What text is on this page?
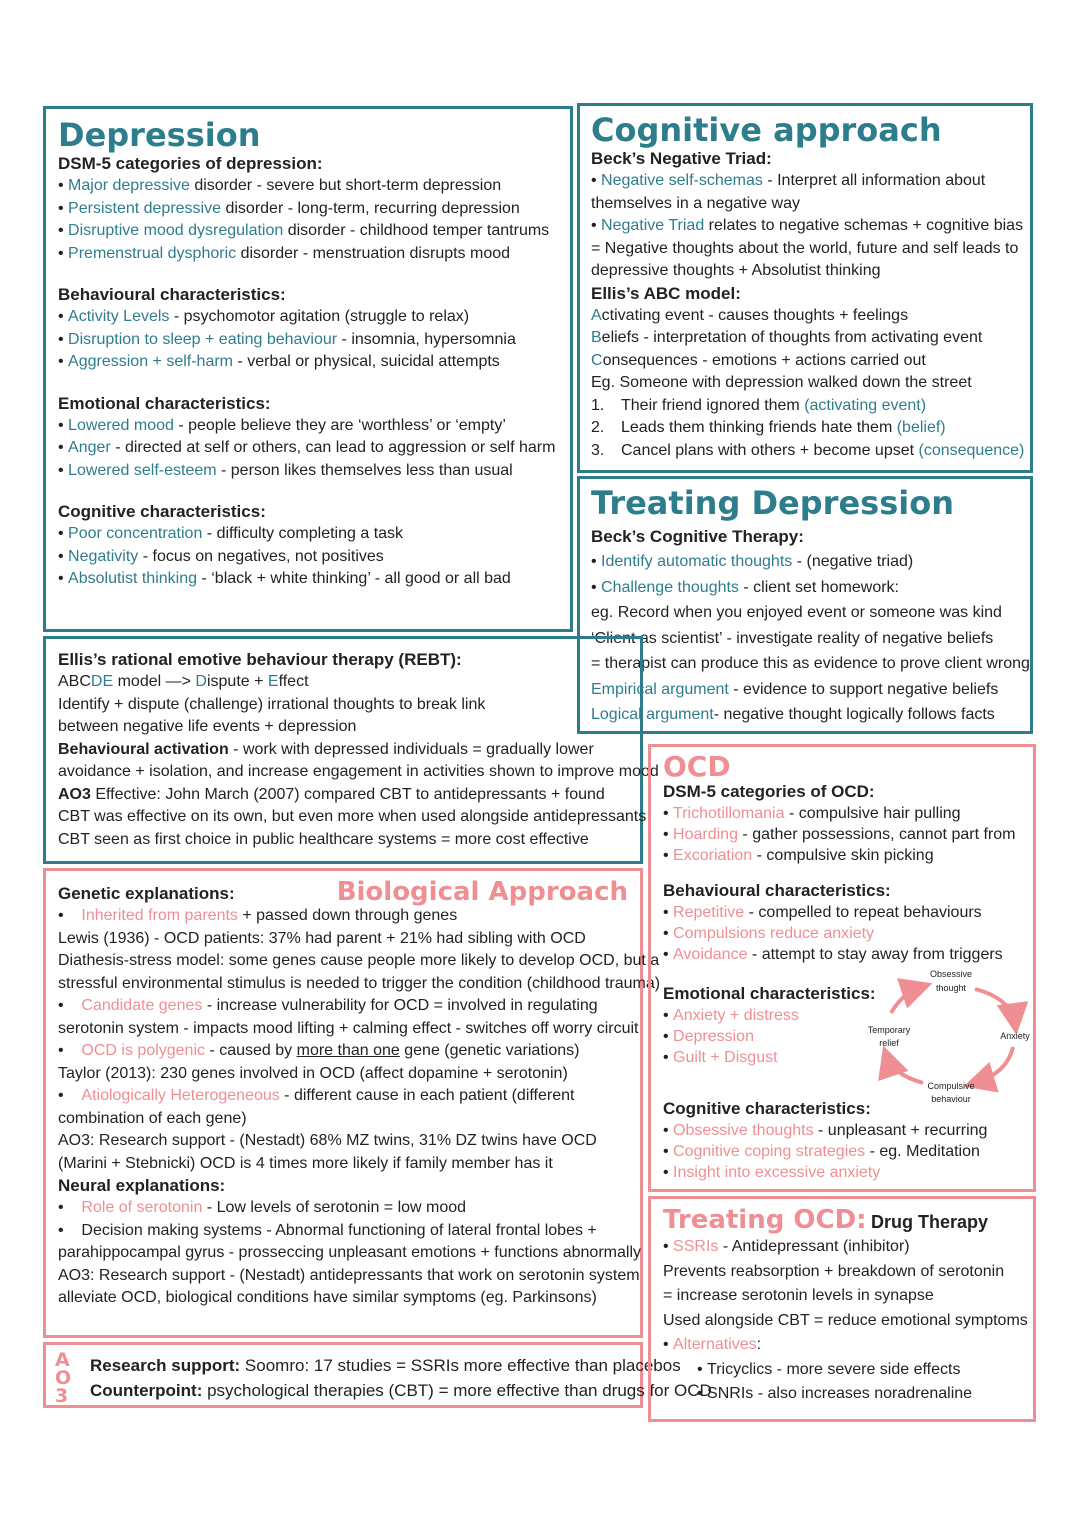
Depression
DSM-5 categories of depression:
• Major depressive disorder - severe but short-term depression
• Persistent depressive disorder - long-term, recurring depression
• Disruptive mood dysregulation disorder - childhood temper tantrums
• Premenstrual dysphoric disorder - menstruation disrupts mood
Behavioural characteristics:
• Activity Levels - psychomotor agitation (struggle to relax)
• Disruption to sleep + eating behaviour - insomnia, hypersomnia
• Aggression + self-harm - verbal or physical, suicidal attempts
Emotional characteristics:
• Lowered mood - people believe they are ‘worthless’ or ‘empty’
• Anger - directed at self or others, can lead to aggression or self harm
• Lowered self-esteem - person likes themselves less than usual
Cognitive characteristics:
• Poor concentration - difficulty completing a task
• Negativity - focus on negatives, not positives
• Absolutist thinking - ‘black + white thinking’ - all good or all bad
Cognitive approach
Beck’s Negative Triad:
• Negative self-schemas - Interpret all information about
themselves in a negative way
• Negative Triad relates to negative schemas + cognitive bias
= Negative thoughts about the world, future and self leads to
depressive thoughts + Absolutist thinking
Ellis’s ABC model:
Activating event - causes thoughts + feelings
Beliefs - interpretation of thoughts from activating event
Consequences - emotions + actions carried out
Eg. Someone with depression walked down the street
1. Their friend ignored them (activating event)
2. Leads them thinking friends hate them (belief)
3. Cancel plans with others + become upset (consequence)
Treating Depression
Beck’s Cognitive Therapy:
• Identify automatic thoughts - (negative triad)
• Challenge thoughts - client set homework:
eg. Record when you enjoyed event or someone was kind
‘Client as scientist’ - investigate reality of negative beliefs
= therapist can produce this as evidence to prove client wrong
Empirical argument - evidence to support negative beliefs
Logical argument- negative thought logically follows facts
Ellis’s rational emotive behaviour therapy (REBT):
ABCDE model —> Dispute + Effect
Identify + dispute (challenge) irrational thoughts to break link
between negative life events + depression
Behavioural activation - work with depressed individuals = gradually lower
avoidance + isolation, and increase engagement in activities shown to improve mood
AO3 Effective: John March (2007) compared CBT to antidepressants + found
CBT was effective on its own, but even more when used alongside antidepressants
CBT seen as first choice in public healthcare systems = more cost effective
Biological Approach
Genetic explanations:
•    Inherited from parents + passed down through genes
Lewis (1936) - OCD patients: 37% had parent + 21% had sibling with OCD
Diathesis-stress model: some genes cause people more likely to develop OCD, but a
stressful environmental stimulus is needed to trigger the condition (childhood trauma)
•    Candidate genes - increase vulnerability for OCD = involved in regulating
serotonin system - impacts mood lifting + calming effect - switches off worry circuit
•    OCD is polygenic - caused by more than one gene (genetic variations)
Taylor (2013): 230 genes involved in OCD (affect dopamine + serotonin)
•    Atiologically Heterogeneous - different cause in each patient (different
combination of each gene)
AO3: Research support - (Nestadt) 68% MZ twins, 31% DZ twins have OCD
(Marini + Stebnicki) OCD is 4 times more likely if family member has it
Neural explanations:
•    Role of serotonin - Low levels of serotonin = low mood
•    Decision making systems - Abnormal functioning of lateral frontal lobes +
parahippocampal gyrus - prosseccing unpleasant emotions + functions abnormally
AO3: Research support - (Nestadt) antidepressants that work on serotonin system
alleviate OCD, biological conditions have similar symptoms (eg. Parkinsons)
AO3
Research support: Soomro: 17 studies = SSRIs more effective than placebos
Counterpoint: psychological therapies (CBT) = more effective than drugs for OCD
OCD
DSM-5 categories of OCD:
• Trichotillomania - compulsive hair pulling
• Hoarding - gather possessions, cannot part from
• Excoriation - compulsive skin picking
Behavioural characteristics:
• Repetitive - compelled to repeat behaviours
• Compulsions reduce anxiety
• Avoidance - attempt to stay away from triggers
Emotional characteristics:
• Anxiety + distress
• Depression
• Guilt + Disgust
Cognitive characteristics:
• Obsessive thoughts - unpleasant + recurring
• Cognitive coping strategies - eg. Meditation
• Insight into excessive anxiety
Obsessive
thought
Anxiety
Compulsive
behaviour
Temporary
relief
Treating OCD: Drug Therapy
• SSRIs - Antidepressant (inhibitor)
Prevents reabsorption + breakdown of serotonin
= increase serotonin levels in synapse
Used alongside CBT = reduce emotional symptoms
• Alternatives:
• Tricyclics - more severe side effects
• SNRIs - also increases noradrenaline
